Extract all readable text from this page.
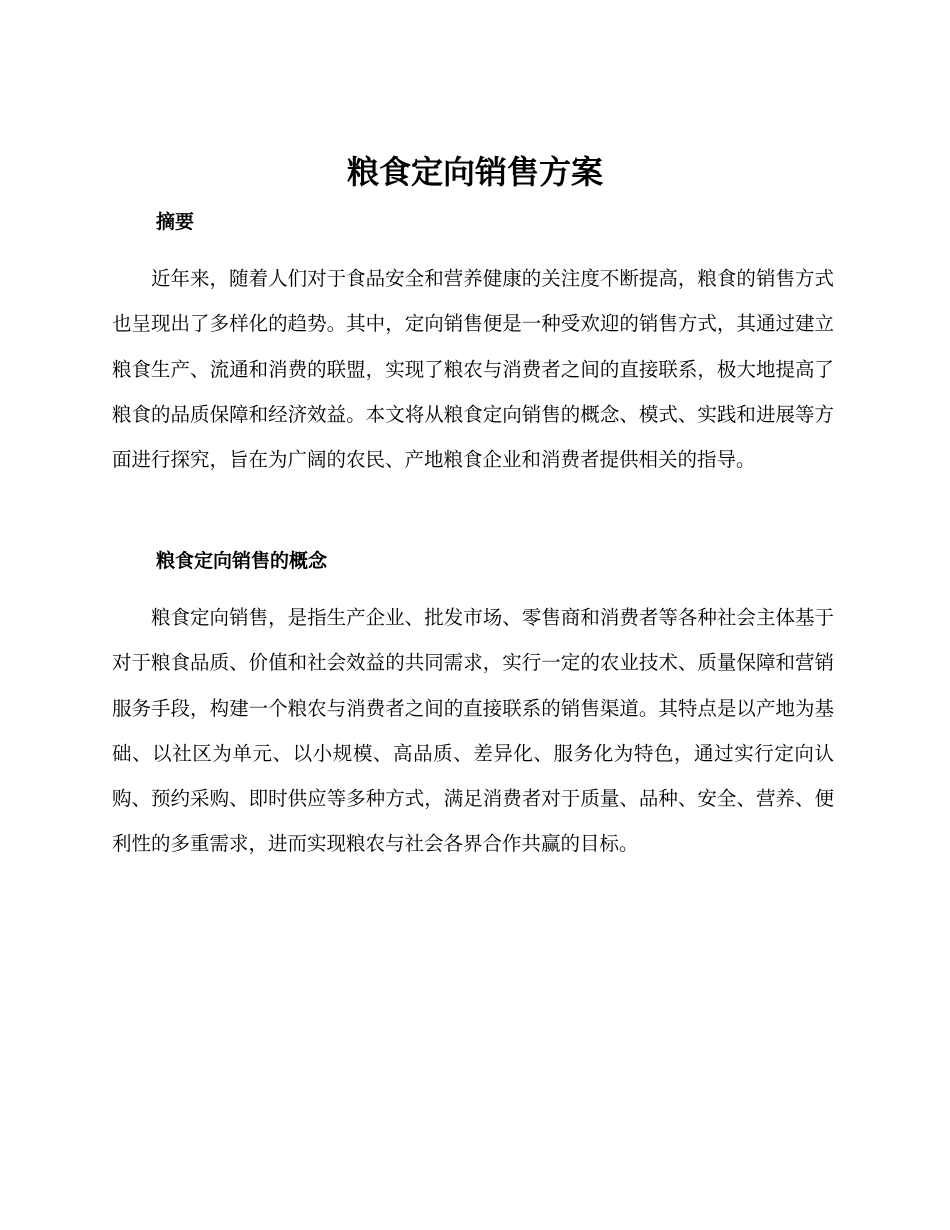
粮食定向销售方案
摘要

近年来，随着人们对于食品安全和营养健康的关注度不断提高，粮食的销售方式也呈现出了多样化的趋势。其中，定向销售便是一种受欢迎的销售方式，其通过建立粮食生产、流通和消费的联盟，实现了粮农与消费者之间的直接联系，极大地提高了粮食的品质保障和经济效益。本文将从粮食定向销售的概念、模式、实践和进展等方面进行探究，旨在为广阔的农民、产地粮食企业和消费者提供相关的指导。

粮食定向销售的概念

粮食定向销售，是指生产企业、批发市场、零售商和消费者等各种社会主体基于对于粮食品质、价值和社会效益的共同需求，实行一定的农业技术、质量保障和营销服务手段，构建一个粮农与消费者之间的直接联系的销售渠道。其特点是以产地为基础、以社区为单元、以小规模、高品质、差异化、服务化为特色，通过实行定向认购、预约采购、即时供应等多种方式，满足消费者对于质量、品种、安全、营养、便利性的多重需求，进而实现粮农与社会各界合作共赢的目标。
